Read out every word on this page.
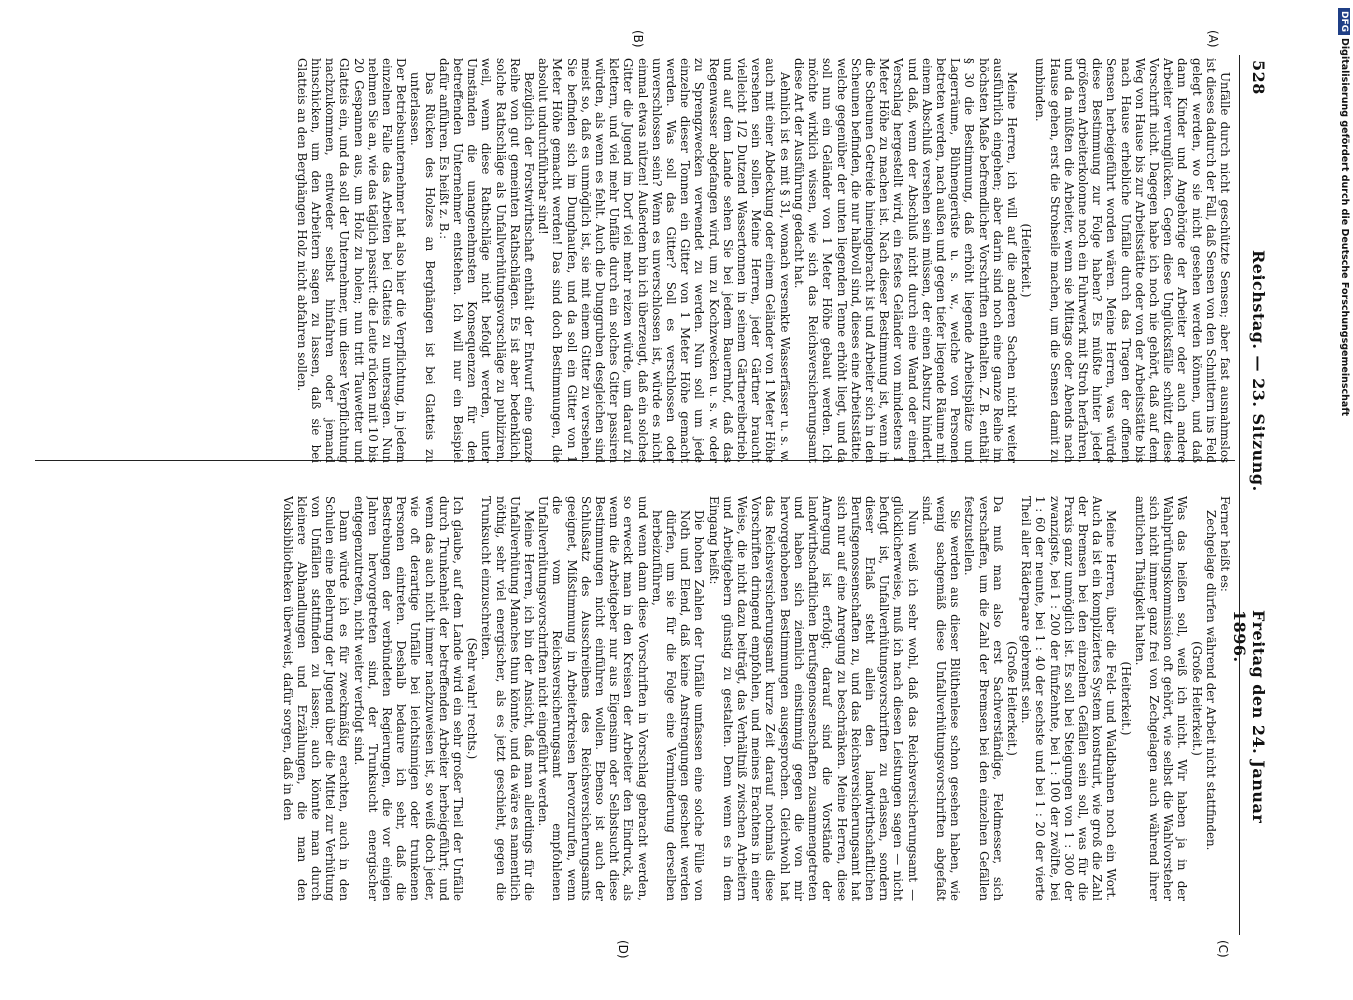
528
Reichstag. — 23. Sitzung.
Freitag den 24. Januar 1896.
(A)
(B)
(C)
(D)

Unfälle durch nicht geschützte Sensen; aber fast ausnahmslos ist dieses dadurch der Fall, daß Sensen von den Schnittern ins Feld gelegt werden, wo sie nicht gesehen werden können, und daß dann Kinder und Angehörige der Arbeiter oder auch andere Arbeiter verunglücken. Gegen diese Unglücksfälle schützt diese Vorschrift nicht. Dagegen habe ich noch nie gehört, daß auf dem Weg von Hause bis zur Arbeitsstätte oder von der Arbeitsstätte bis nach Hause erhebliche Unfälle durch das Tragen der offenen Sensen herbeigeführt worden wären. Meine Herren, was würde diese Bestimmung zur Folge haben? Es müßte hinter jeder größeren Arbeiterkolonne noch ein Fuhrwerk mit Stroh herfahren, und da müßten die Arbeiter, wenn sie Mittags oder Abends nach Hause gehen, erst die Strohseile machen, um die Sensen damit zu umbinden.

(Heiterkeit.)

Meine Herren, ich will auf die anderen Sachen nicht weiter ausführlich eingehen; aber darin sind noch eine ganze Reihe im höchsten Maße befremdlicher Vorschriften enthalten. Z. B. enthält § 30 die Bestimmung, daß erhöht liegende Arbeitsplätze und Lagerräume, Bühnengerüste u. s. w., welche von Personen betreten werden, nach außen und gegen tiefer liegende Räume mit einem Abschluß versehen sein müssen, der einen Absturz hindert, und daß, wenn der Abschluß nicht durch eine Wand oder einen Verschlag hergestellt wird, ein festes Geländer von mindestens 1 Meter Höhe zu machen ist. Nach dieser Bestimmung ist, wenn in die Scheunen Getreide hineingebracht ist und Arbeiter sich in den Scheunen befinden, die nur halbvoll sind, dieses eine Arbeitsstätte, welche gegenüber der unten liegenden Tenne erhöht liegt, und da soll nun ein Geländer von 1 Meter Höhe gebaut werden. Ich möchte wirklich wissen, wie sich das Reichsversicherungsamt diese Art der Ausführung gedacht hat.

Aehnlich ist es mit § 31, wonach versenkte Wasserfässer u. s. w. auch mit einer Abdeckung oder einem Geländer von 1 Meter Höhe versehen sein sollen. Meine Herren, jeder Gärtner braucht vielleicht 1/2 Dutzend Wassertonnen in seinem Gärtnereibetrieb, und auf dem Lande sehen Sie bei jedem Bauernhof, daß das Regenwasser abgefangen wird, um zu Kochzwecken u. s. w. oder zu Sprengzwecken verwendet zu werden. Nun soll um jede einzelne dieser Tonnen ein Gitter von 1 Meter Höhe gemacht werden. Was soll das Gitter? Soll es verschlossen oder unverschlossen sein? Wenn es unverschlossen ist, würde es nicht einmal etwas nützen! Außerdem bin ich überzeugt, daß ein solches Gitter die Jugend im Dorf viel mehr reizen würde, um darauf zu klettern, und viel mehr Unfälle durch ein solches Gitter passiren würden, als wenn es fehlt. Auch die Dunggruben desgleichen sind meist so, daß es unmöglich ist, sie mit einem Gitter zu versehen. Sie befinden sich im Dunghaufen, und da soll ein Gitter von 1 Meter Höhe gemacht werden! Das sind doch Bestimmungen, die absolut undurchführbar sind!

Bezüglich der Forstwirthschaft enthält der Entwurf eine ganze Reihe von gut gemeinten Rathschlägen. Es ist aber bedenklich, solche Rathschläge als Unfallverhütungsvorschläge zu publiziren, weil, wenn diese Rathschläge nicht befolgt werden, unter Umständen die unangenehmsten Konsequenzen für den betreffenden Unternehmer entstehen. Ich will nur ein Beispiel dafür anführen. Es heißt z. B.:

Das Rücken des Holzes an Berghängen ist bei Glatteis zu unterlassen.

Der Betriebsunternehmer hat also hier die Verpflichtung, in jedem einzelnen Falle das Arbeiten bei Glatteis zu untersagen. Nun nehmen Sie an, wie das täglich passirt: die Leute rücken mit 10 bis 20 Gespannen aus, um Holz zu holen; nun tritt Tauwetter und Glatteis ein, und da soll der Unternehmer, um dieser Verpflichtung nachzukommen, entweder selbst hinfahren oder jemand hinschicken, um den Arbeitern sagen zu lassen, daß sie bei Glatteis an den Berghängen Holz nicht abfahren sollen.

Ferner heißt es:

Zechgelage dürfen während der Arbeit nicht stattfinden.

(Große Heiterkeit.)

Was das heißen soll, weiß ich nicht. Wir haben ja in der Wahlprüfungskommission oft gehört, wie selbst die Wahlvorsteher sich nicht immer ganz frei von Zechgelagen auch während ihrer amtlichen Thätigkeit halten.

(Heiterkeit.)

Meine Herren, über die Feld- und Waldbahnen noch ein Wort. Auch da ist ein kompliziertes System konstruirt, wie groß die Zahl der Bremsen bei den einzelnen Gefällen sein soll, was für die Praxis ganz unmöglich ist. Es soll bei Steigungen von 1 : 300 der zwanzigste, bei 1 : 200 der fünfzehnte, bei 1 : 100 der zwölfte, bei 1 : 60 der neunte, bei 1 : 40 der sechste und bei 1 : 20 der vierte Theil aller Räderpaare gebremst sein.

(Große Heiterkeit.)

Da muß man also erst Sachverständige, Feldmesser, sich verschaffen, um die Zahl der Bremsen bei den einzelnen Gefällen festzustellen.

Sie werden aus dieser Blüthenlese schon gesehen haben, wie wenig sachgemäß diese Unfallverhütungsvorschriften abgefaßt sind.

Nun weiß ich sehr wohl, daß das Reichsversicherungsamt — glücklicherweise, muß ich nach diesen Leistungen sagen — nicht befugt ist, Unfallverhütungsvorschriften zu erlassen, sondern dieser Erlaß steht allein den landwirthschaftlichen Berufsgenossenschaften zu, und das Reichsversicherungsamt hat sich nur auf eine Anregung zu beschränken. Meine Herren, diese Anregung ist erfolgt; darauf sind die Vorstände der landwirthschaftlichen Berufsgenossenschaften zusammengetreten und haben sich ziemlich einstimmig gegen die von mir hervorgehobenen Bestimmungen ausgesprochen. Gleichwohl hat das Reichsversicherungsamt kurze Zeit darauf nochmals diese Vorschriften dringend empfohlen, und meines Erachtens in einer Weise, die nicht dazu beiträgt, das Verhältniß zwischen Arbeitern und Arbeitgebern günstig zu gestalten. Denn wenn es in dem Eingang heißt:

Die hohen Zahlen der Unfälle umfassen eine solche Fülle von Noth und Elend, daß keine Anstrengungen gescheut werden dürfen, um sie für die Folge eine Verminderung derselben herbeizuführen,

und wenn dann diese Vorschriften in Vorschlag gebracht werden, so erweckt man in den Kreisen der Arbeiter den Eindruck, als wenn die Arbeitgeber nur aus Eigensinn oder Selbstsucht diese Bestimmungen nicht einführen wollen. Ebenso ist auch der Schlußsatz des Ausschreibens des Reichsversicherungsamts geeignet, Mißstimmung in Arbeiterkreisen hervorzurufen, wenn die vom Reichsversicherungsamt empfohlenen Unfallverhütungsvorschriften nicht eingeführt werden.

Meine Herren, ich bin der Ansicht, daß man allerdings für die Unfallverhütung Manches thun könnte, und da wäre es namentlich nöthig, sehr viel energischer, als es jetzt geschieht, gegen die Trunksucht einzuschreiten.

(Sehr wahr! rechts.)

Ich glaube, auf dem Lande wird ein sehr großer Theil der Unfälle durch Trunkenheit der betreffenden Arbeiter herbeigeführt; und wenn das auch nicht immer nachzuweisen ist, so weiß doch jeder, wie oft derartige Unfälle bei leichtsinnigen oder trunkenen Personen eintreten. Deshalb bedaure ich sehr, daß die Bestrebungen der verbündeten Regierungen, die vor einigen Jahren hervorgetreten sind, der Trunksucht energischer entgegenzutreten, nicht weiter verfolgt sind.

Dann würde ich es für zweckmäßig erachten, auch in den Schulen eine Belehrung der Jugend über die Mittel zur Verhütung von Unfällen stattfinden zu lassen; auch könnte man durch kleinere Abhandlungen und Erzählungen, die man den Volksbibliotheken überweist, dafür sorgen, daß in den

DFGDigitalisierung gefördert durch die Deutsche Forschungsgemeinschaft
